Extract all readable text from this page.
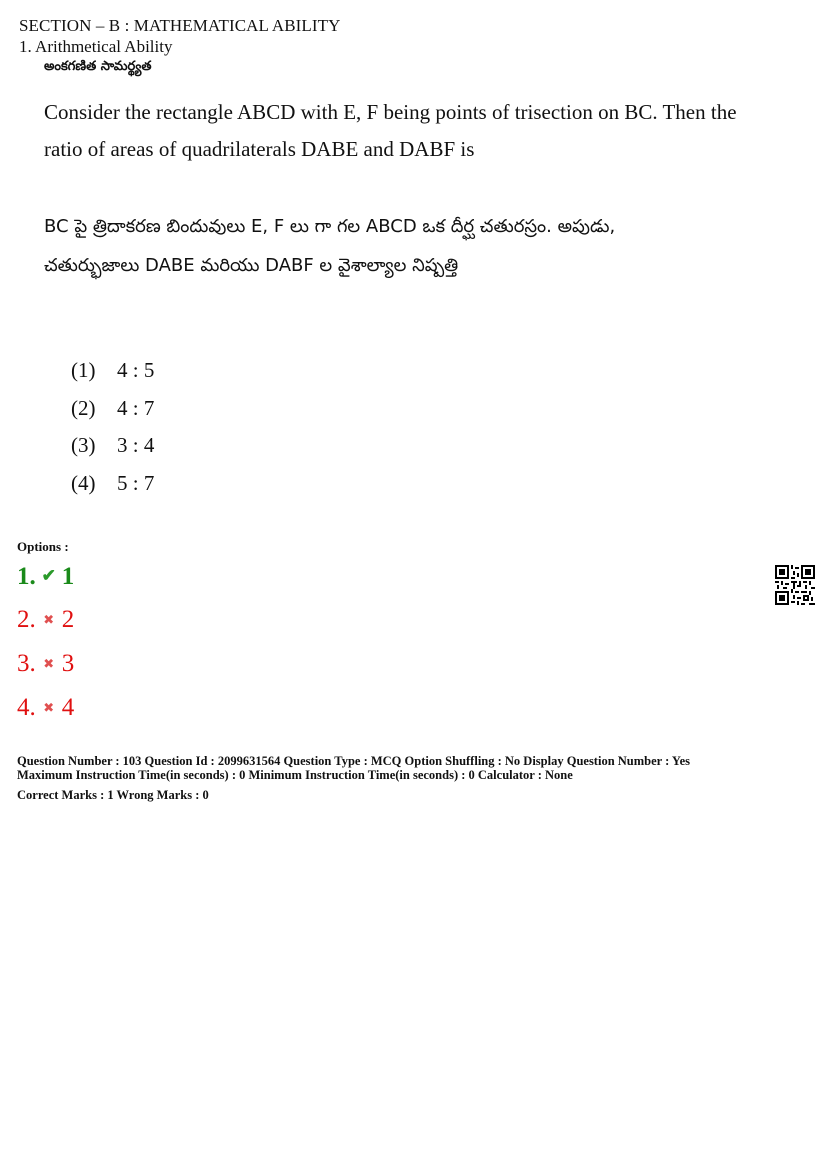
SECTION – B : MATHEMATICAL ABILITY
1. Arithmetical Ability
అంకగణిత సామర్థ్యత
Consider the rectangle ABCD with E, F being points of trisection on BC. Then the
ratio of areas of quadrilaterals DABE and DABF is
BC పై త్రిదాకరణ బిందువులు E, F లు గా గల ABCD ఒక దీర్ఘ చతురస్రం. అపుడు,
చతుర్భుజాలు DABE మరియు DABF ల వైశాల్యాల నిష్పత్తి
(1) 4 : 5
(2) 4 : 7
(3) 3 : 4
(4) 5 : 7
Options :
1. ✔ 1
2. ✖ 2
3. ✖ 3
4. ✖ 4
Question Number : 103 Question Id : 2099631564 Question Type : MCQ Option Shuffling : No Display Question Number : Yes
Maximum Instruction Time(in seconds) : 0 Minimum Instruction Time(in seconds) : 0 Calculator : None
Correct Marks : 1 Wrong Marks : 0
